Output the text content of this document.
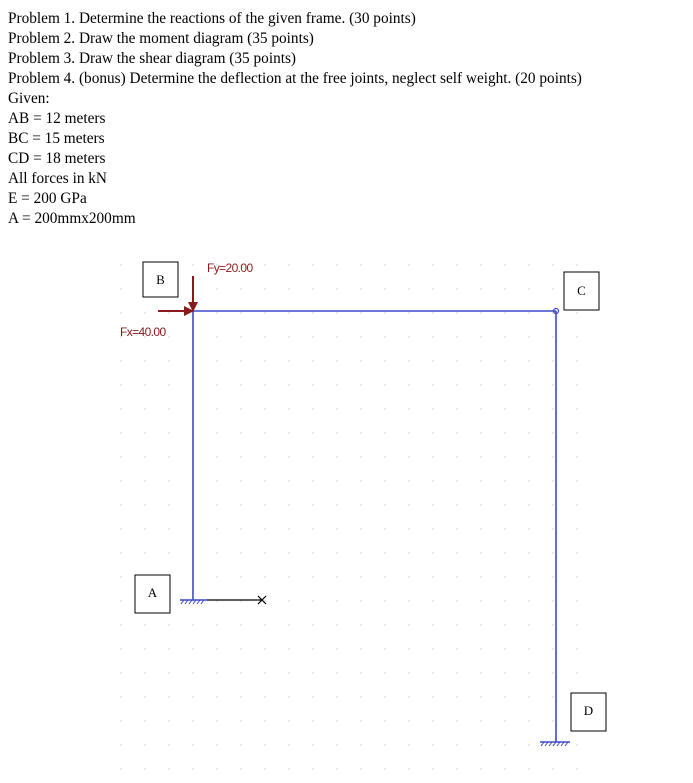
Problem 1. Determine the reactions of the given frame. (30 points)
Problem 2. Draw the moment diagram (35 points)
Problem 3. Draw the shear diagram (35 points)
Problem 4. (bonus) Determine the deflection at the free joints, neglect self weight. (20 points)
Given:
AB = 12 meters
BC = 15 meters
CD = 18 meters
All forces in kN
E = 200 GPa
A = 200mmx200mm
Fy=20.00
Fx=40.00
B
C
A
D
